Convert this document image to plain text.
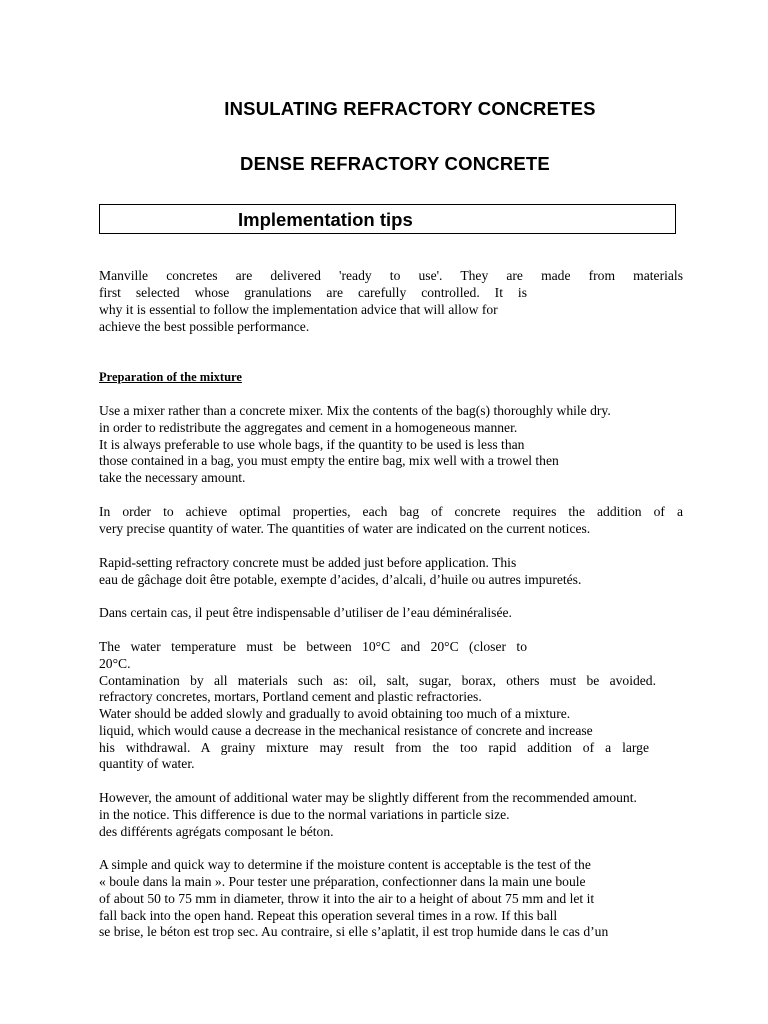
INSULATING REFRACTORY CONCRETES
DENSE REFRACTORY CONCRETE
Implementation tips
Manville concretes are delivered 'ready to use'. They are made from materials
first selected whose granulations are carefully controlled. It is
why it is essential to follow the implementation advice that will allow for
achieve the best possible performance.
Preparation of the mixture
Use a mixer rather than a concrete mixer. Mix the contents of the bag(s) thoroughly while dry.
in order to redistribute the aggregates and cement in a homogeneous manner.
It is always preferable to use whole bags, if the quantity to be used is less than
those contained in a bag, you must empty the entire bag, mix well with a trowel then
take the necessary amount.
In order to achieve optimal properties, each bag of concrete requires the addition of a
very precise quantity of water. The quantities of water are indicated on the current notices.
Rapid-setting refractory concrete must be added just before application. This
eau de gâchage doit être potable, exempte d’acides, d’alcali, d’huile ou autres impuretés.
Dans certain cas, il peut être indispensable d’utiliser de l’eau déminéralisée.
The water temperature must be between 10°C and 20°C (closer to
20°C.
Contamination by all materials such as: oil, salt, sugar, borax, others must be avoided.
refractory concretes, mortars, Portland cement and plastic refractories.
Water should be added slowly and gradually to avoid obtaining too much of a mixture.
liquid, which would cause a decrease in the mechanical resistance of concrete and increase
his withdrawal. A grainy mixture may result from the too rapid addition of a large
quantity of water.
However, the amount of additional water may be slightly different from the recommended amount.
in the notice. This difference is due to the normal variations in particle size.
des différents agrégats composant le béton.
A simple and quick way to determine if the moisture content is acceptable is the test of the
« boule dans la main ». Pour tester une préparation, confectionner dans la main une boule
of about 50 to 75 mm in diameter, throw it into the air to a height of about 75 mm and let it
fall back into the open hand. Repeat this operation several times in a row. If this ball
se brise, le béton est trop sec. Au contraire, si elle s’aplatit, il est trop humide dans le cas d’un
